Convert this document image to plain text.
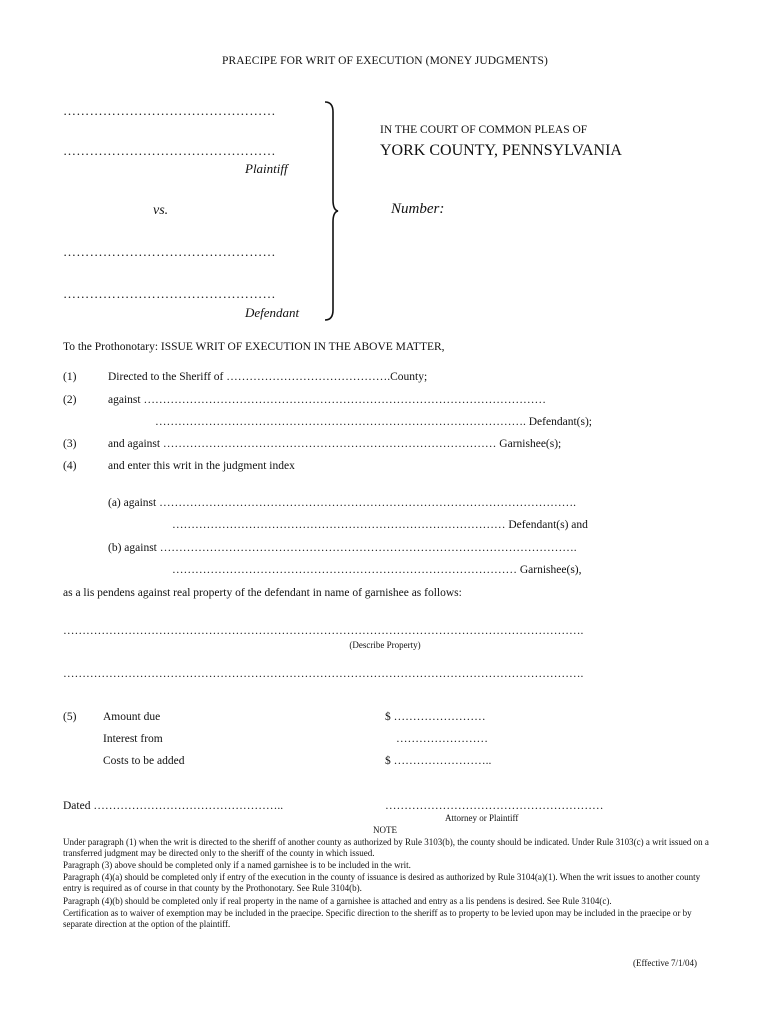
PRAECIPE FOR WRIT OF EXECUTION (MONEY JUDGMENTS)
…………………………………………
…………………………………………
Plaintiff
vs.
…………………………………………
…………………………………………
Defendant
IN THE COURT OF COMMON PLEAS OF
YORK COUNTY, PENNSYLVANIA
Number:
To the Prothonotary: ISSUE WRIT OF EXECUTION IN THE ABOVE MATTER,
(1)	Directed to the Sheriff of …………………………………….County;
(2)	against ……………………………………………………………………………………………
……………………………………………………………………………………. Defendant(s);
(3)	and against …………………………………………………………………………… Garnishee(s);
(4)	and enter this writ in the judgment index
(a) against ……………………………………………………………………………………………….
…………………………………………………………………………… Defendant(s) and
(b) against ……………………………………………………………………………………………….
……………………………………………………………………………… Garnishee(s),
as a lis pendens against real property of the defendant in name of garnishee as follows:
……………………………………………………………………………………………………………………….
(Describe Property)
……………………………………………………………………………………………………………………….
(5) Amount due	$ ……………………
Interest from	……………………
Costs to be added	$ ……………………..
Dated …………………………………………..	…………………………………………………
Attorney or Plaintiff
NOTE
Under paragraph (1) when the writ is directed to the sheriff of another county as authorized by Rule 3103(b), the county should be indicated. Under Rule 3103(c) a writ issued on a transferred judgment may be directed only to the sheriff of the county in which issued.
Paragraph (3) above should be completed only if a named garnishee is to be included in the writ.
Paragraph (4)(a) should be completed only if entry of the execution in the county of issuance is desired as authorized by Rule 3104(a)(1). When the writ issues to another county entry is required as of course in that county by the Prothonotary. See Rule 3104(b).
Paragraph (4)(b) should be completed only if real property in the name of a garnishee is attached and entry as a lis pendens is desired. See Rule 3104(c).
Certification as to waiver of exemption may be included in the praecipe. Specific direction to the sheriff as to property to be levied upon may be included in the praecipe or by separate direction at the option of the plaintiff.
(Effective 7/1/04)
